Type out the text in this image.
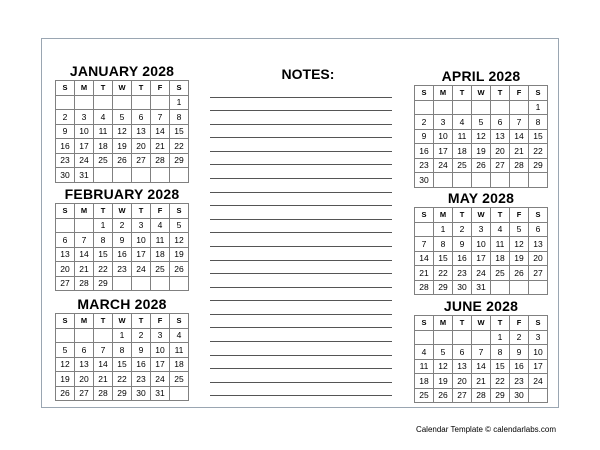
JANUARY 2028
S	M	T	W	T	F	S
						1
2	3	4	5	6	7	8
9	10	11	12	13	14	15
16	17	18	19	20	21	22
23	24	25	26	27	28	29
30	31					
FEBRUARY 2028
S	M	T	W	T	F	S
		1	2	3	4	5
6	7	8	9	10	11	12
13	14	15	16	17	18	19
20	21	22	23	24	25	26
27	28	29				
MARCH 2028
S	M	T	W	T	F	S
			1	2	3	4
5	6	7	8	9	10	11
12	13	14	15	16	17	18
19	20	21	22	23	24	25
26	27	28	29	30	31	
NOTES:	APRIL 2028
S	M	T	W	T	F	S
						1
2	3	4	5	6	7	8
9	10	11	12	13	14	15
16	17	18	19	20	21	22
23	24	25	26	27	28	29
30						
MAY 2028
S	M	T	W	T	F	S
	1	2	3	4	5	6
7	8	9	10	11	12	13
14	15	16	17	18	19	20
21	22	23	24	25	26	27
28	29	30	31			
JUNE 2028
S	M	T	W	T	F	S
				1	2	3
4	5	6	7	8	9	10
11	12	13	14	15	16	17
18	19	20	21	22	23	24
25	26	27	28	29	30	
Calendar Template © calendarlabs.com
